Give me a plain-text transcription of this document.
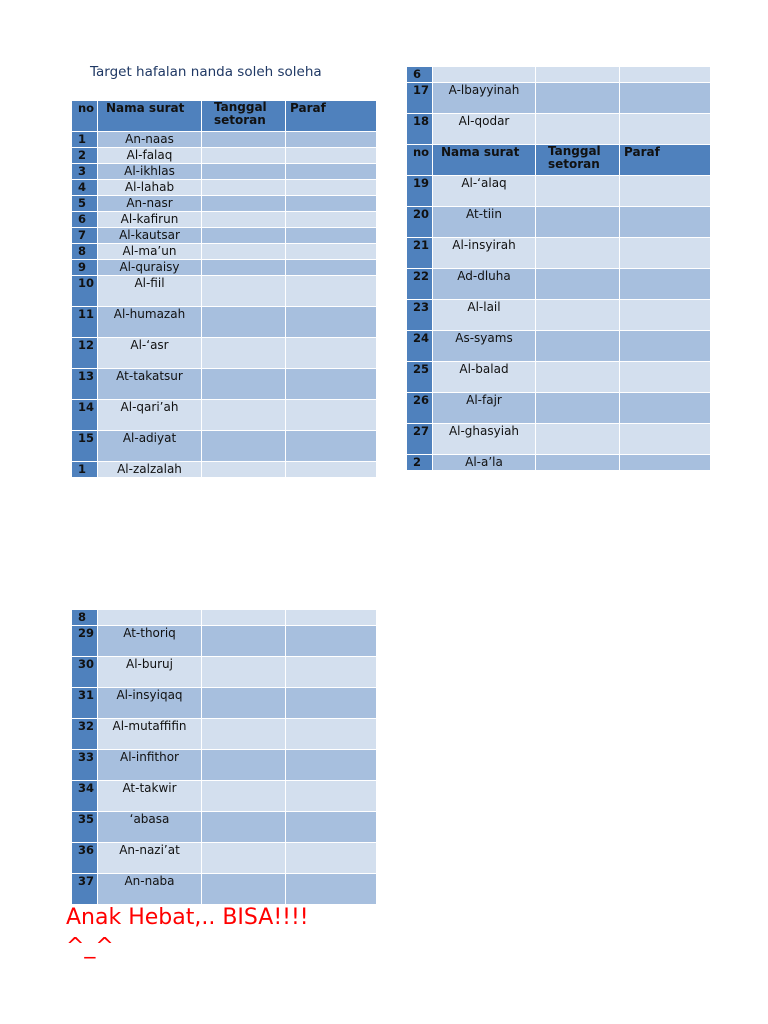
Target hafalan nanda soleh soleha
no	Nama surat	Tanggal setoran	Paraf
1	An-naas		
2	Al-falaq		
3	Al-ikhlas		
4	Al-lahab		
5	An-nasr		
6	Al-kafirun		
7	Al-kautsar		
8	Al-ma’un		
9	Al-quraisy		
10	Al-fiil		
11	Al-humazah		
12	Al-‘asr		
13	At-takatsur		
14	Al-qari’ah		
15	Al-adiyat		
1	Al-zalzalah		
6			
17	A-lbayyinah		
18	Al-qodar		
no	Nama surat	Tanggal setoran	Paraf
19	Al-‘alaq		
20	At-tiin		
21	Al-insyirah		
22	Ad-dluha		
23	Al-lail		
24	As-syams		
25	Al-balad		
26	Al-fajr		
27	Al-ghasyiah		
2	Al-a’la		
8			
29	At-thoriq		
30	Al-buruj		
31	Al-insyiqaq		
32	Al-mutaffifin		
33	Al-infithor		
34	At-takwir		
35	‘abasa		
36	An-nazi’at		
37	An-naba		
Anak Hebat,.. BISA!!!!
^_^
